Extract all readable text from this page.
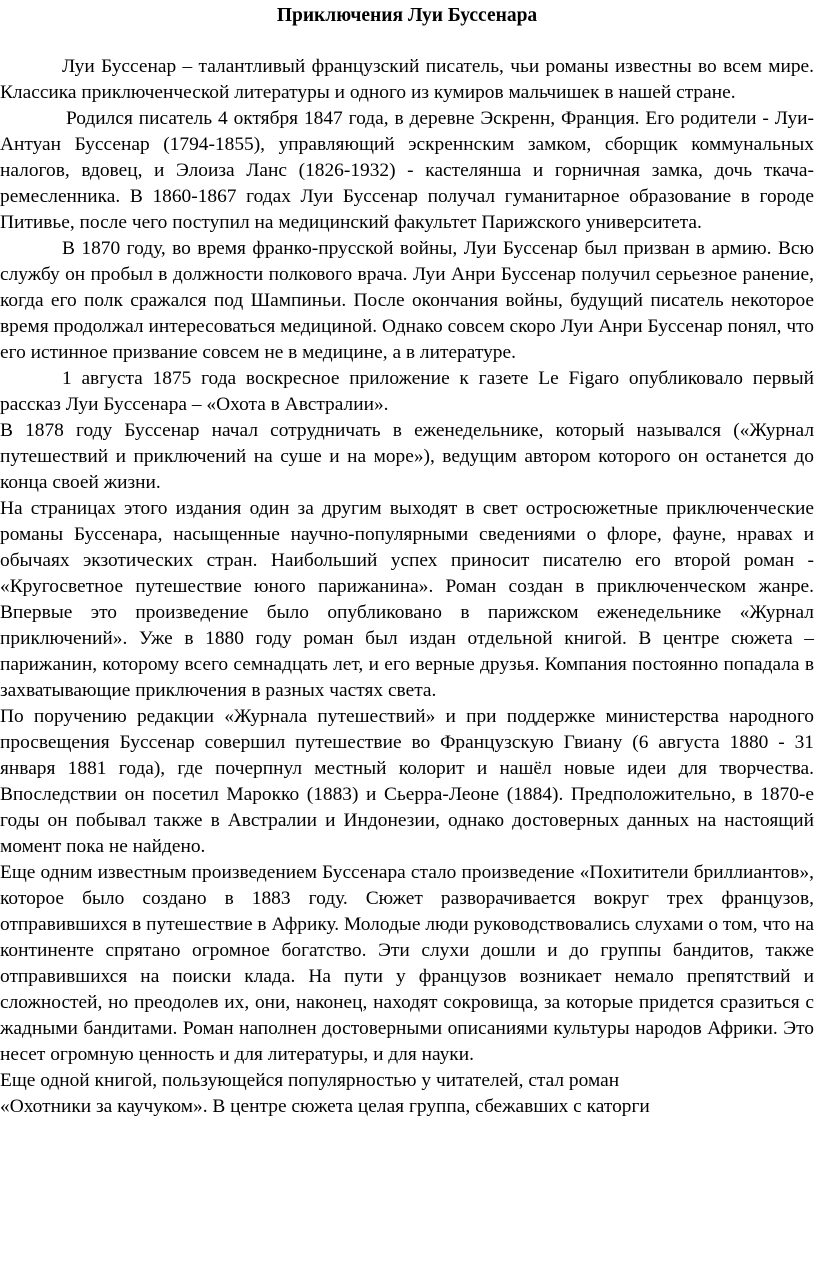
Приключения Луи Буссенара

Луи Буссенар – талантливый французский писатель, чьи романы известны во всем мире. Классика приключенческой литературы и одного из кумиров мальчишек в нашей стране.

Родился писатель 4 октября 1847 года, в деревне Эскренн, Франция. Его родители - Луи-Антуан Буссенар (1794-1855), управляющий эскреннским замком, сборщик коммунальных налогов, вдовец, и Элоиза Ланс (1826-1932) - кастелянша и горничная замка, дочь ткача-ремесленника. В 1860-1867 годах Луи Буссенар получал гуманитарное образование в городе Питивье, после чего поступил на медицинский факультет Парижского университета.

В 1870 году, во время франко-прусской войны, Луи Буссенар был призван в армию. Всю службу он пробыл в должности полкового врача. Луи Анри Буссенар получил серьезное ранение, когда его полк сражался под Шампиньи. После окончания войны, будущий писатель некоторое время продолжал интересоваться медициной. Однако совсем скоро Луи Анри Буссенар понял, что его истинное призвание совсем не в медицине, а в литературе.

1 августа 1875 года воскресное приложение к газете Le Figaro опубликовало первый рассказ Луи Буссенара – «Охота в Австралии».

В 1878 году Буссенар начал сотрудничать в еженедельнике, который назывался («Журнал путешествий и приключений на суше и на море»), ведущим автором которого он останется до конца своей жизни.

На страницах этого издания один за другим выходят в свет остросюжетные приключенческие романы Буссенара, насыщенные научно-популярными сведениями о флоре, фауне, нравах и обычаях экзотических стран. Наибольший успех приносит писателю его второй роман - «Кругосветное путешествие юного парижанина». Роман создан в приключенческом жанре. Впервые это произведение было опубликовано в парижском еженедельнике «Журнал приключений». Уже в 1880 году роман был издан отдельной книгой. В центре сюжета – парижанин, которому всего семнадцать лет, и его верные друзья. Компания постоянно попадала в захватывающие приключения в разных частях света.

По поручению редакции «Журнала путешествий» и при поддержке министерства народного просвещения Буссенар совершил путешествие во Французскую Гвиану (6 августа 1880 - 31 января 1881 года), где почерпнул местный колорит и нашёл новые идеи для творчества. Впоследствии он посетил Марокко (1883) и Сьерра-Леоне (1884). Предположительно, в 1870-е годы он побывал также в Австралии и Индонезии, однако достоверных данных на настоящий момент пока не найдено.

Еще одним известным произведением Буссенара стало произведение «Похитители бриллиантов», которое было создано в 1883 году. Сюжет разворачивается вокруг трех французов, отправившихся в путешествие в Африку. Молодые люди руководствовались слухами о том, что на континенте спрятано огромное богатство. Эти слухи дошли и до группы бандитов, также отправившихся на поиски клада. На пути у французов возникает немало препятствий и сложностей, но преодолев их, они, наконец, находят сокровища, за которые придется сразиться с жадными бандитами. Роман наполнен достоверными описаниями культуры народов Африки. Это несет огромную ценность и для литературы, и для науки.

Еще одной книгой, пользующейся популярностью у читателей, стал роман

«Охотники за каучуком». В центре сюжета целая группа, сбежавших с каторги
